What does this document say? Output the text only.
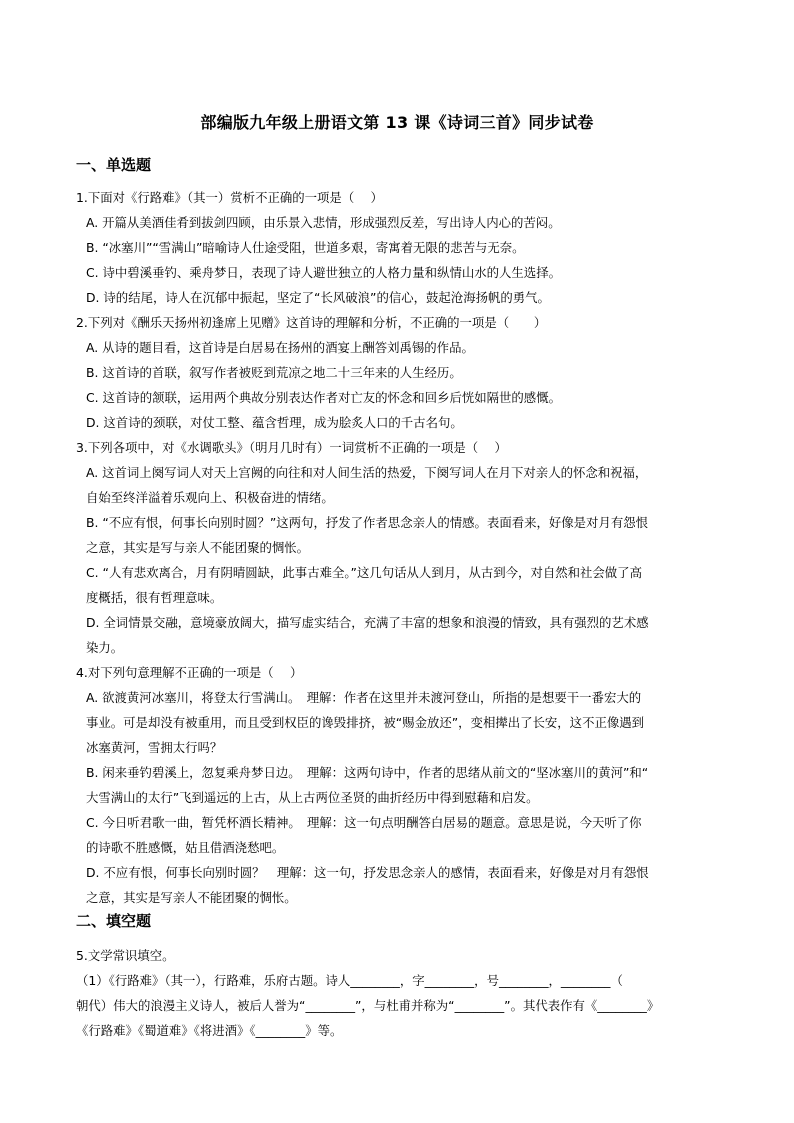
部编版九年级上册语文第 13 课《诗词三首》同步试卷
一、单选题
1.下面对《行路难》（其一）赏析不正确的一项是（　 ）
A. 开篇从美酒佳肴到拔剑四顾，由乐景入悲情，形成强烈反差，写出诗人内心的苦闷。
B. “冰塞川”“雪满山”暗喻诗人仕途受阻，世道多艰，寄寓着无限的悲苦与无奈。
C. 诗中碧溪垂钓、乘舟梦日，表现了诗人避世独立的人格力量和纵情山水的人生选择。
D. 诗的结尾，诗人在沉郁中振起，坚定了“长风破浪”的信心，鼓起沧海扬帆的勇气。
2.下列对《酬乐天扬州初逢席上见赠》这首诗的理解和分析，不正确的一项是（　　）
A. 从诗的题目看，这首诗是白居易在扬州的酒宴上酬答刘禹锡的作品。
B. 这首诗的首联，叙写作者被贬到荒凉之地二十三年来的人生经历。
C. 这首诗的颔联，运用两个典故分别表达作者对亡友的怀念和回乡后恍如隔世的感慨。
D. 这首诗的颈联，对仗工整、蕴含哲理，成为脍炙人口的千古名句。
3.下列各项中，对《水调歌头》（明月几时有）一词赏析不正确的一项是（　 ）
A. 这首词上阕写词人对天上宫阙的向往和对人间生活的热爱，下阕写词人在月下对亲人的怀念和祝福，
自始至终洋溢着乐观向上、积极奋进的情绪。
B. “不应有恨，何事长向别时圆？”这两句，抒发了作者思念亲人的情感。表面看来，好像是对月有怨恨
之意，其实是写与亲人不能团聚的惆怅。
C. “人有悲欢离合，月有阴晴圆缺，此事古难全。”这几句话从人到月，从古到今，对自然和社会做了高
度概括，很有哲理意味。
D. 全词情景交融，意境豪放阔大，描写虚实结合，充满了丰富的想象和浪漫的情致，具有强烈的艺术感
染力。
4.对下列句意理解不正确的一项是（　 ）
A. 欲渡黄河冰塞川，将登太行雪满山。　理解：作者在这里并未渡河登山，所指的是想要干一番宏大的
事业。可是却没有被重用，而且受到权臣的谗毁排挤，被“赐金放还”，变相撵出了长安，这不正像遇到
冰塞黄河，雪拥太行吗？
B. 闲来垂钓碧溪上，忽复乘舟梦日边。　理解：这两句诗中，作者的思绪从前文的“坚冰塞川的黄河”和“
大雪满山的太行”飞到遥远的上古，从上古两位圣贤的曲折经历中得到慰藉和启发。
C. 今日听君歌一曲，暂凭杯酒长精神。　理解：这一句点明酬答白居易的题意。意思是说，今天听了你
的诗歌不胜感慨，姑且借酒浇愁吧。
D. 不应有恨，何事长向别时圆？　理解：这一句，抒发思念亲人的感情，表面看来，好像是对月有怨恨
之意，其实是写亲人不能团聚的惆怅。
二、填空题
5.文学常识填空。
（1）《行路难》（其一），行路难，乐府古题。诗人________，字________，号________，________（
朝代）伟大的浪漫主义诗人，被后人誉为“________”，与杜甫并称为“________”。其代表作有《________》
《行路难》《蜀道难》《将进酒》《________》等。
